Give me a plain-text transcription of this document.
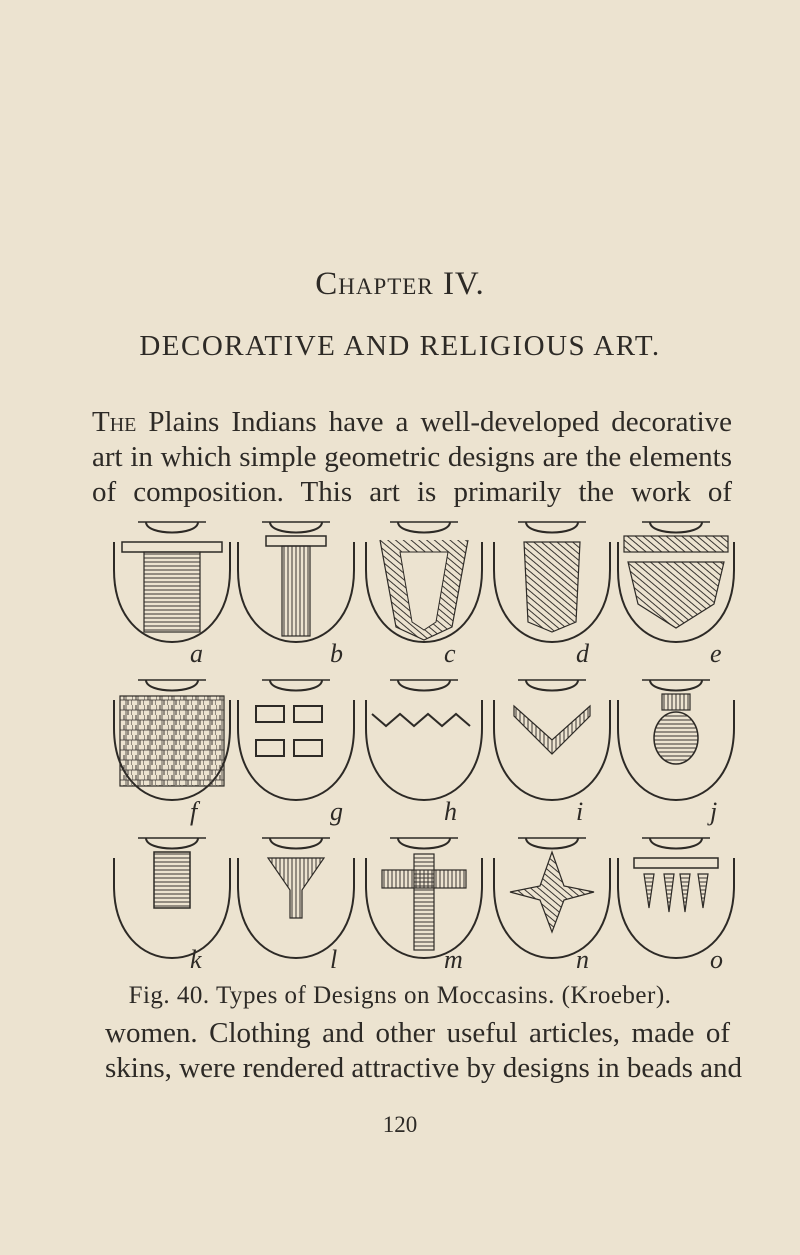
Chapter IV.
DECORATIVE AND RELIGIOUS ART.
The Plains Indians have a well-developed decorative
art in which simple geometric designs are the elements
of composition. This art is primarily the work of
a	b	c	d	e
f	g	h	i	j
k	l	m	n	o
Fig. 40. Types of Designs on Moccasins. (Kroeber).
women. Clothing and other useful articles, made of
skins, were rendered attractive by designs in beads and
120
